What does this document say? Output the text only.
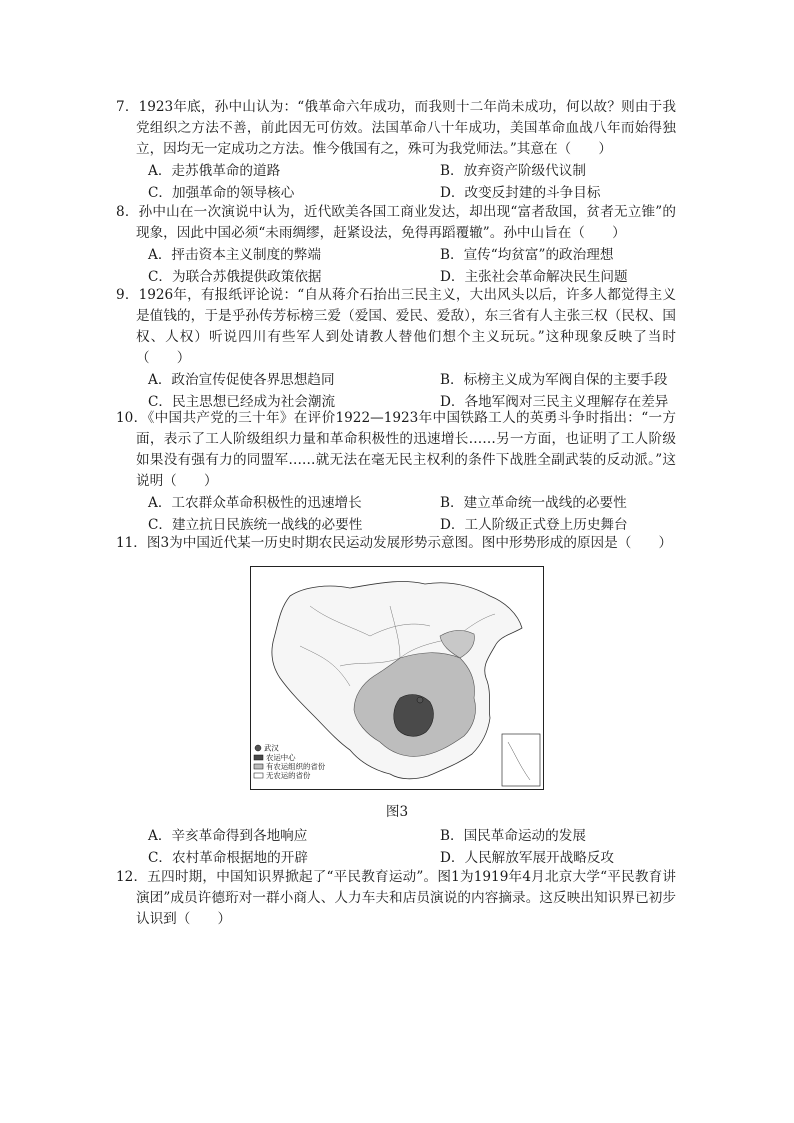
7．1923年底，孙中山认为：“俄革命六年成功，而我则十二年尚未成功，何以故？则由于我党组织之方法不善，前此因无可仿效。法国革命八十年成功，美国革命血战八年而始得独立，因均无一定成功之方法。惟今俄国有之，殊可为我党师法。”其意在（　　）

A．走苏俄革命的道路	B．放弃资产阶级代议制
C．加强革命的领导核心	D．改变反封建的斗争目标

8．孙中山在一次演说中认为，近代欧美各国工商业发达，却出现“富者敌国，贫者无立锥”的现象，因此中国必须“未雨绸缪，赶紧设法，免得再蹈覆辙”。孙中山旨在（　　）

A．抨击资本主义制度的弊端	B．宣传“均贫富”的政治理想
C．为联合苏俄提供政策依据	D．主张社会革命解决民生问题

9．1926年，有报纸评论说：“自从蒋介石抬出三民主义，大出风头以后，许多人都觉得主义是值钱的，于是乎孙传芳标榜三爱（爱国、爱民、爱敌），东三省有人主张三权（民权、国权、人权）听说四川有些军人到处请教人替他们想个主义玩玩。”这种现象反映了当时（　　）

A．政治宣传促使各界思想趋同	B．标榜主义成为军阀自保的主要手段
C．民主思想已经成为社会潮流	D．各地军阀对三民主义理解存在差异

10．《中国共产党的三十年》在评价1922—1923年中国铁路工人的英勇斗争时指出：“一方面，表示了工人阶级组织力量和革命积极性的迅速增长……另一方面，也证明了工人阶级如果没有强有力的同盟军……就无法在毫无民主权利的条件下战胜全副武装的反动派。”这说明（　　）

A．工农群众革命积极性的迅速增长	B．建立革命统一战线的必要性
C．建立抗日民族统一战线的必要性	D．工人阶级正式登上历史舞台

11．图3为中国近代某一历史时期农民运动发展形势示意图。图中形势形成的原因是（　　）

武汉
农运中心
有农运组织的省份
无农运的省份
图3
A．辛亥革命得到各地响应	B．国民革命运动的发展
C．农村革命根据地的开辟	D．人民解放军展开战略反攻

12．五四时期，中国知识界掀起了“平民教育运动”。图1为1919年4月北京大学“平民教育讲演团”成员许德珩对一群小商人、人力车夫和店员演说的内容摘录。这反映出知识界已初步认识到（　　）
